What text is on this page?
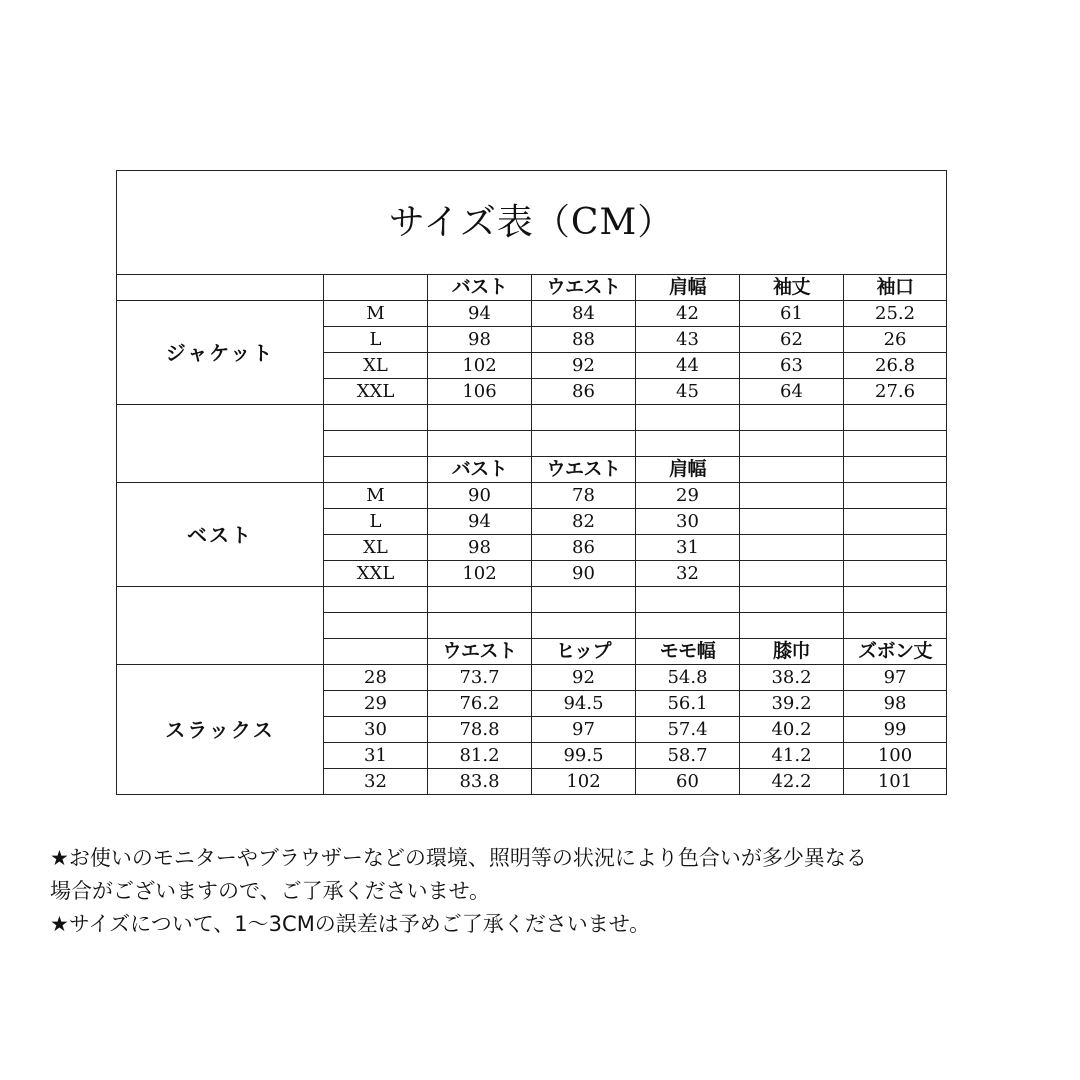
サイズ表（CM）						
		バスト	ウエスト	肩幅	袖丈	袖口
ジャケット	M	94	84	42	61	25.2
	L	98	88	43	62	26
	XL	102	92	44	63	26.8
	XXL	106	86	45	64	27.6

		バスト	ウエスト	肩幅		
ベスト	M	90	78	29		
	L	94	82	30		
	XL	98	86	31		
	XXL	102	90	32		

		ウエスト	ヒップ	モモ幅	膝巾	ズボン丈
スラックス	28	73.7	92	54.8	38.2	97
	29	76.2	94.5	56.1	39.2	98
	30	78.8	97	57.4	40.2	99
	31	81.2	99.5	58.7	41.2	100
	32	83.8	102	60	42.2	101
★お使いのモニターやブラウザーなどの環境、照明等の状況により色合いが多少異なる
場合がございますので、ご了承くださいませ。
★サイズについて、1～3CMの誤差は予めご了承くださいませ。
